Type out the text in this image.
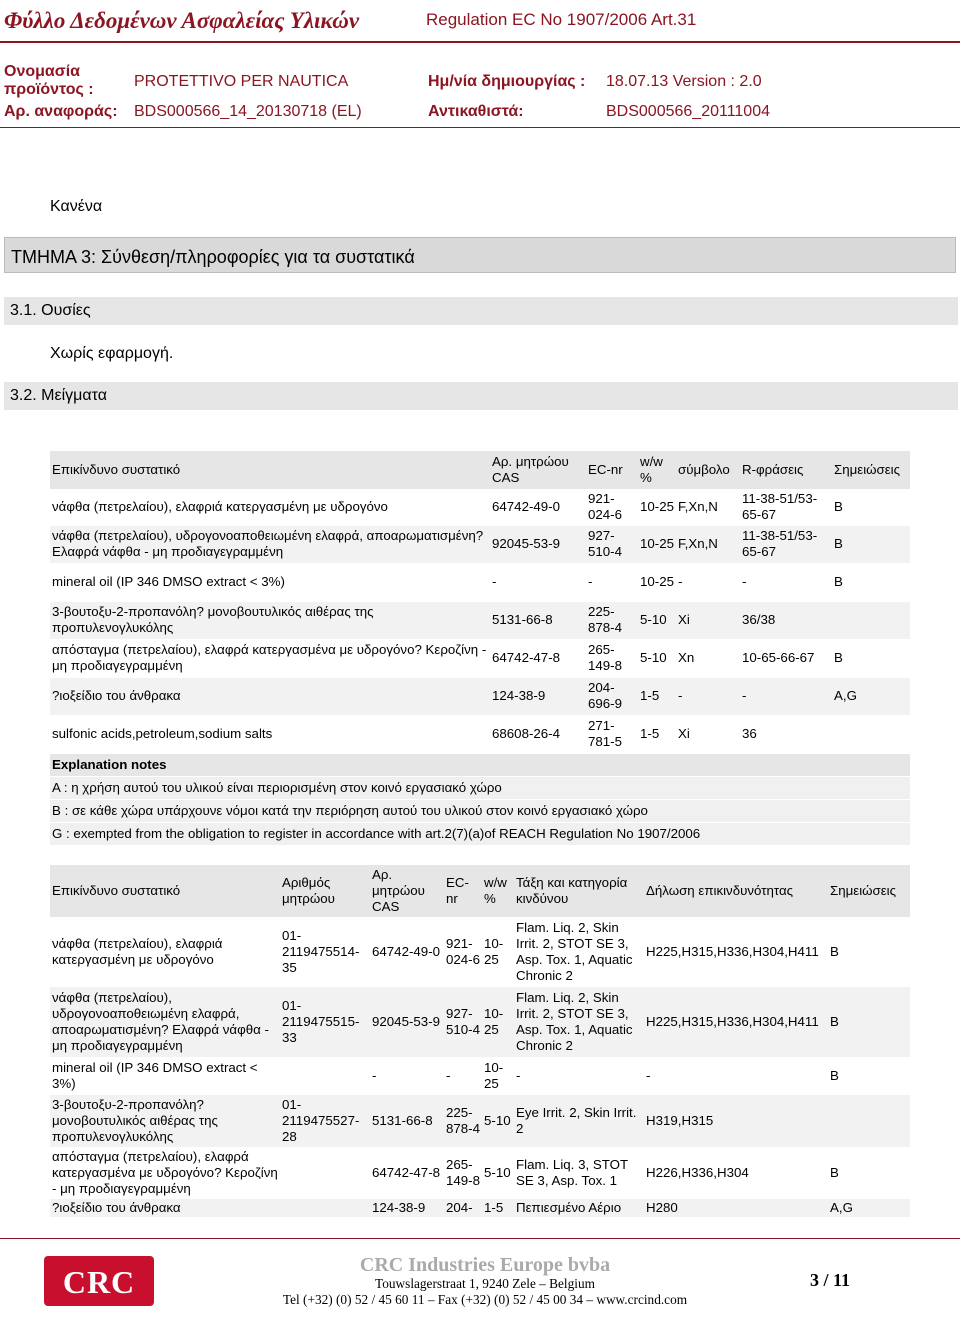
Φύλλο Δεδομένων Ασφαλείας Υλικών	Regulation EC No 1907/2006 Art.31
Ονομασία προϊόντος :	PROTETTIVO PER NAUTICA	Ημ/νία δημιουργίας : 18.07.13 Version : 2.0
Αρ. αναφοράς: BDS000566_14_20130718 (EL)	Αντικαθιστά:	BDS000566_20111004
Κανένα
ΤΜΗΜΑ 3: Σύνθεση/πληροφορίες για τα συστατικά
3.1. Ουσίες
Χωρίς εφαρμογή.
3.2. Μείγματα
Επικίνδυνο συστατικό	Αρ. μητρώου CAS	EC-nr	w/w %	σύμβολο	R-φράσεις	Σημειώσεις
νάφθα (πετρελαίου), ελαφριά κατεργασμένη με υδρογόνο	64742-49-0	921-024-6	10-25	F,Xn,N	11-38-51/53-65-67	B
νάφθα (πετρελαίου), υδρογονοαποθειωμένη ελαφρά, αποαρωματισμένη? Ελαφρά νάφθα - μη προδιαγεγραμμένη	92045-53-9	927-510-4	10-25	F,Xn,N	11-38-51/53-65-67	B
mineral oil (IP 346 DMSO extract < 3%)	-	-	10-25	-	-	B
3-βουτοξυ-2-προπανόλη? μονοβουτυλικός αιθέρας της προπυλενογλυκόλης	5131-66-8	225-878-4	5-10	Xi	36/38	
απόσταγμα (πετρελαίου), ελαφρά κατεργασμένα με υδρογόνο? Κεροζίνη - μη προδιαγεγραμμένη	64742-47-8	265-149-8	5-10	Xn	10-65-66-67	B
?ιοξείδιο του άνθρακα	124-38-9	204-696-9	1-5	-	-	A,G
sulfonic acids,petroleum,sodium salts	68608-26-4	271-781-5	1-5	Xi	36	
Explanation notes						
A : η χρήση αυτού του υλικού είναι περιορισμένη στον κοινό εργασιακό χώρο						
B : σε κάθε χώρα υπάρχουνε νόμοι κατά την περιόρηση αυτού του υλικού στον κοινό εργασιακό χώρο						
G : exempted from the obligation to register in accordance with art.2(7)(a)of REACH Regulation No 1907/2006						
Επικίνδυνο συστατικό	Αριθμός μητρώου	Αρ. μητρώου CAS	EC-nr	w/w %	Τάξη και κατηγορία κινδύνου	Δήλωση επικινδυνότητας	Σημειώσεις
νάφθα (πετρελαίου), ελαφριά κατεργασμένη με υδρογόνο	01-2119475514-35	64742-49-0	921-024-6	10-25	Flam. Liq. 2, Skin Irrit. 2, STOT SE 3, Asp. Tox. 1, Aquatic Chronic 2	H225,H315,H336,H304,H411	B
νάφθα (πετρελαίου), υδρογονοαποθειωμένη ελαφρά, αποαρωματισμένη? Ελαφρά νάφθα - μη προδιαγεγραμμένη	01-2119475515-33	92045-53-9	927-510-4	10-25	Flam. Liq. 2, Skin Irrit. 2, STOT SE 3, Asp. Tox. 1, Aquatic Chronic 2	H225,H315,H336,H304,H411	B
mineral oil (IP 346 DMSO extract < 3%)		-	-	10-25	-	-	B
3-βουτοξυ-2-προπανόλη? μονοβουτυλικός αιθέρας της προπυλενογλυκόλης	01-2119475527-28	5131-66-8	225-878-4	5-10	Eye Irrit. 2, Skin Irrit. 2	H319,H315	
απόσταγμα (πετρελαίου), ελαφρά κατεργασμένα με υδρογόνο? Κεροζίνη - μη προδιαγεγραμμένη		64742-47-8	265-149-8	5-10	Flam. Liq. 3, STOT SE 3, Asp. Tox. 1	H226,H336,H304	B
?ιοξείδιο του άνθρακα		124-38-9	204-	1-5	Πεπιεσμένο Αέριο	H280	A,G
CRC	CRC Industries Europe bvba
Touwslagerstraat 1, 9240 Zele – Belgium
Tel (+32) (0) 52 / 45 60 11 – Fax (+32) (0) 52 / 45 00 34 – www.crcind.com
3 / 11
